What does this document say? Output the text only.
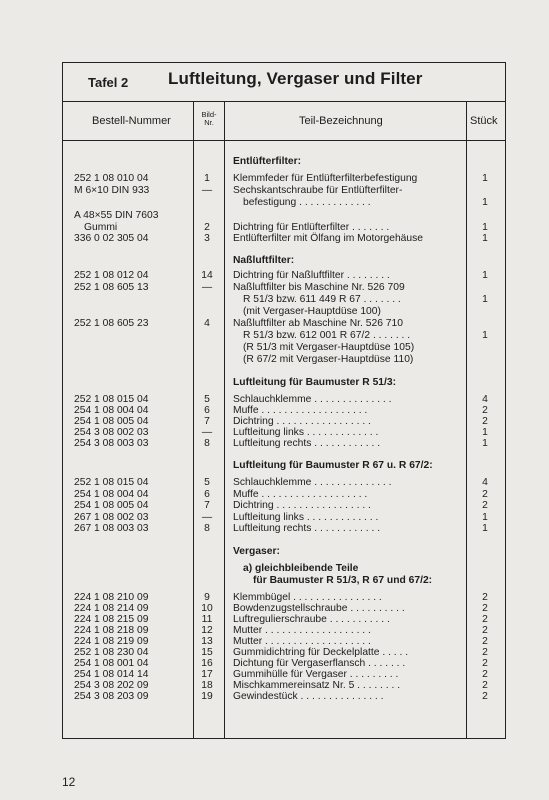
Tafel 2 Luftleitung, Vergaser und Filter
Bestell-Nummer
Bild-
Nr.	Teil-Bezeichnung	Stück
Entlüfterfilter:
252 1 08 010 04	1	Klemmfeder für Entlüfterfilterbefestigung	1
M 6×10 DIN 933	—	Sechskantschraube für Entlüfterfilter-
befestigung . . . . . . . . . . . . .	1
A 48×55 DIN 7603
Gummi	2	Dichtring für Entlüfterfilter . . . . . . .	1
336 0 02 305 04	3	Entlüfterfilter mit Ölfang im Motorgehäuse	1
Naßluftfilter:
252 1 08 012 04	14	Dichtring für Naßluftfilter . . . . . . . .	1
252 1 08 605 13	—	Naßluftfilter bis Maschine Nr. 526 709
R 51/3 bzw. 611 449 R 67 . . . . . . .	1
(mit Vergaser-Hauptdüse 100)
252 1 08 605 23	4	Naßluftfilter ab Maschine Nr. 526 710
R 51/3 bzw. 612 001 R 67/2 . . . . . . .	1
(R 51/3 mit Vergaser-Hauptdüse 105)
(R 67/2 mit Vergaser-Hauptdüse 110)
Luftleitung für Baumuster R 51/3:
252 1 08 015 04	5	Schlauchklemme . . . . . . . . . . . . . .	4
254 1 08 004 04	6	Muffe . . . . . . . . . . . . . . . . . . .	2
254 1 08 005 04	7	Dichtring . . . . . . . . . . . . . . . . .	2
254 3 08 002 03	—	Luftleitung links . . . . . . . . . . . . .	1
254 3 08 003 03	8	Luftleitung rechts . . . . . . . . . . . .	1
Luftleitung für Baumuster R 67 u. R 67/2:
252 1 08 015 04	5	Schlauchklemme . . . . . . . . . . . . . .	4
254 1 08 004 04	6	Muffe . . . . . . . . . . . . . . . . . . .	2
254 1 08 005 04	7	Dichtring . . . . . . . . . . . . . . . . .	2
267 1 08 002 03	—	Luftleitung links . . . . . . . . . . . . .	1
267 1 08 003 03	8	Luftleitung rechts . . . . . . . . . . . .	1
Vergaser:
a) gleichbleibende Teile
für Baumuster R 51/3, R 67 und 67/2:
224 1 08 210 09	9	Klemmbügel . . . . . . . . . . . . . . . .	2
224 1 08 214 09	10	Bowdenzugstellschraube . . . . . . . . . .	2
224 1 08 215 09	11	Luftregulierschraube . . . . . . . . . . .	2
224 1 08 218 09	12	Mutter . . . . . . . . . . . . . . . . . . .	2
224 1 08 219 09	13	Mutter . . . . . . . . . . . . . . . . . . .	2
252 1 08 230 04	15	Gummidichtring für Deckelplatte . . . . .	2
254 1 08 001 04	16	Dichtung für Vergaserflansch . . . . . . .	2
254 1 08 014 14	17	Gummihülle für Vergaser . . . . . . . . .	2
254 3 08 202 09	18	Mischkammereinsatz Nr. 5 . . . . . . . .	2
254 3 08 203 09	19	Gewindestück . . . . . . . . . . . . . . .	2
12
